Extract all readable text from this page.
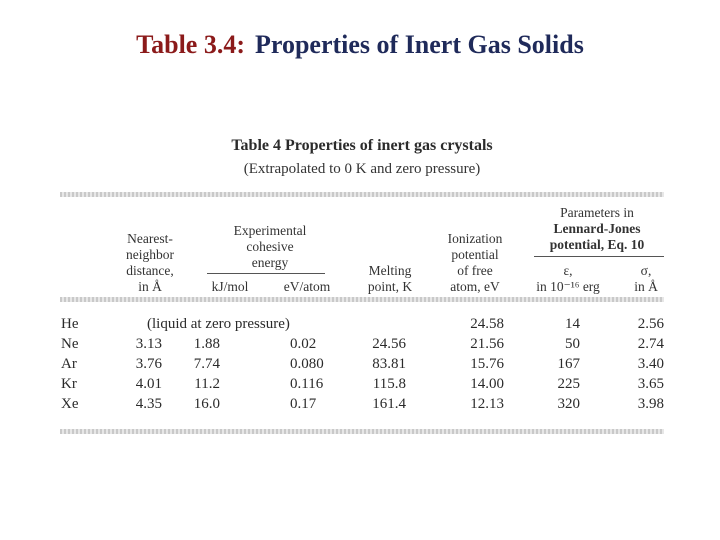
Table 3.4: Properties of Inert Gas Solids
Table 4 Properties of inert gas crystals
(Extrapolated to 0 K and zero pressure)
Nearest-
neighbor
distance,
in Å
Experimental
cohesive
energy
kJ/mol	eV/atom
Melting
point, K
Ionization
potential
of free
atom, eV
Parameters in
Lennard-Jones
potential, Eq. 10
ε,
in 10⁻¹⁶ erg
σ,
in Å
He	(liquid at zero pressure)	24.58	14	2.56
Ne	3.13	1.88	0.02	24.56	21.56	50	2.74
Ar	3.76	7.74	0.080	83.81	15.76	167	3.40
Kr	4.01	11.2	0.116	115.8	14.00	225	3.65
Xe	4.35	16.0	0.17	161.4	12.13	320	3.98
